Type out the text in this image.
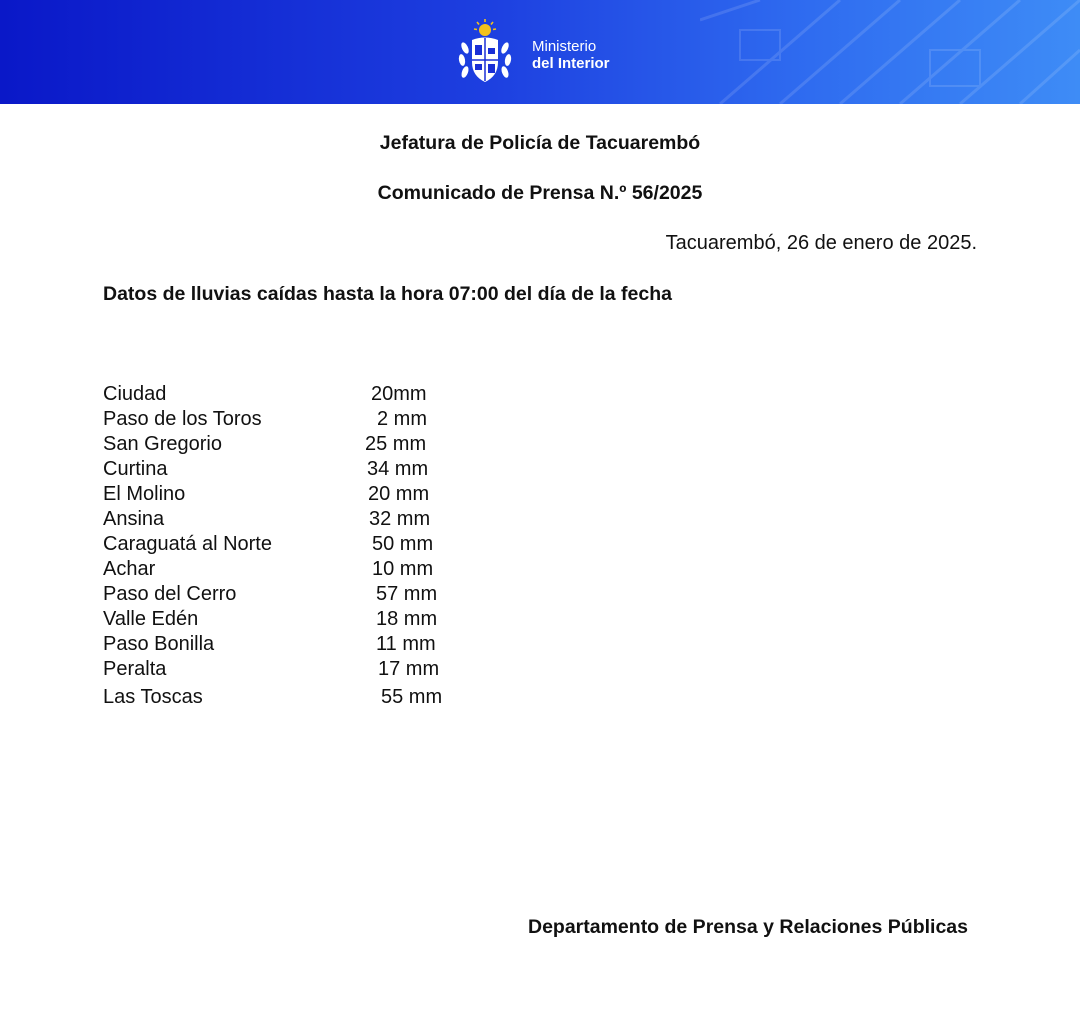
Ministerio
del Interior
Jefatura de Policía de Tacuarembó
Comunicado de Prensa N.º 56/2025
Tacuarembó, 26 de enero de 2025.
Datos de lluvias caídas hasta la hora 07:00 del día de la fecha
Ciudad	20mm
Paso de los Toros	2 mm
San Gregorio	25 mm
Curtina	34 mm
El Molino	20 mm
Ansina	32 mm
Caraguatá al Norte	50 mm
Achar	10 mm
Paso del Cerro	57 mm
Valle Edén	18 mm
Paso Bonilla	11 mm
Peralta	17 mm
Las Toscas	55 mm
Departamento de Prensa y Relaciones Públicas
